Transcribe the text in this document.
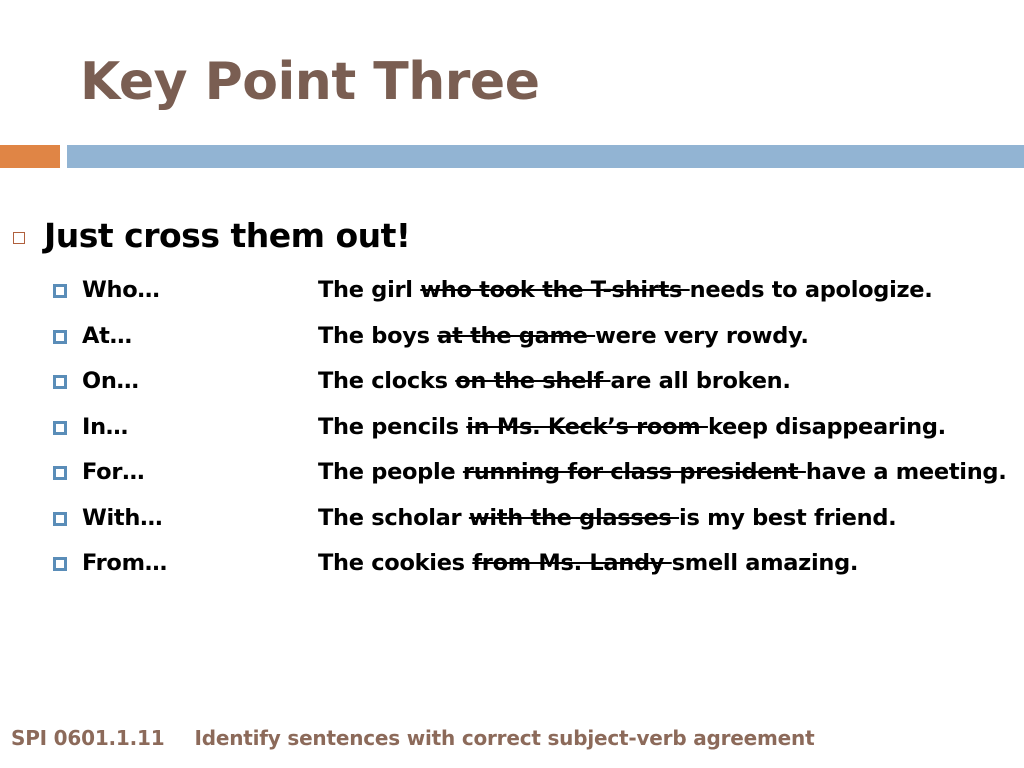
Key Point Three
Just cross them out!
Who…	The girl who took the T-shirts needs to apologize.
At…	The boys at the game were very rowdy.
On…	The clocks on the shelf are all broken.
In…	The pencils in Ms. Keck’s room keep disappearing.
For…	The people running for class president have a meeting.
With…	The scholar with the glasses is my best friend.
From…	The cookies from Ms. Landy smell amazing.
SPI 0601.1.11 Identify sentences with correct subject-verb agreement
